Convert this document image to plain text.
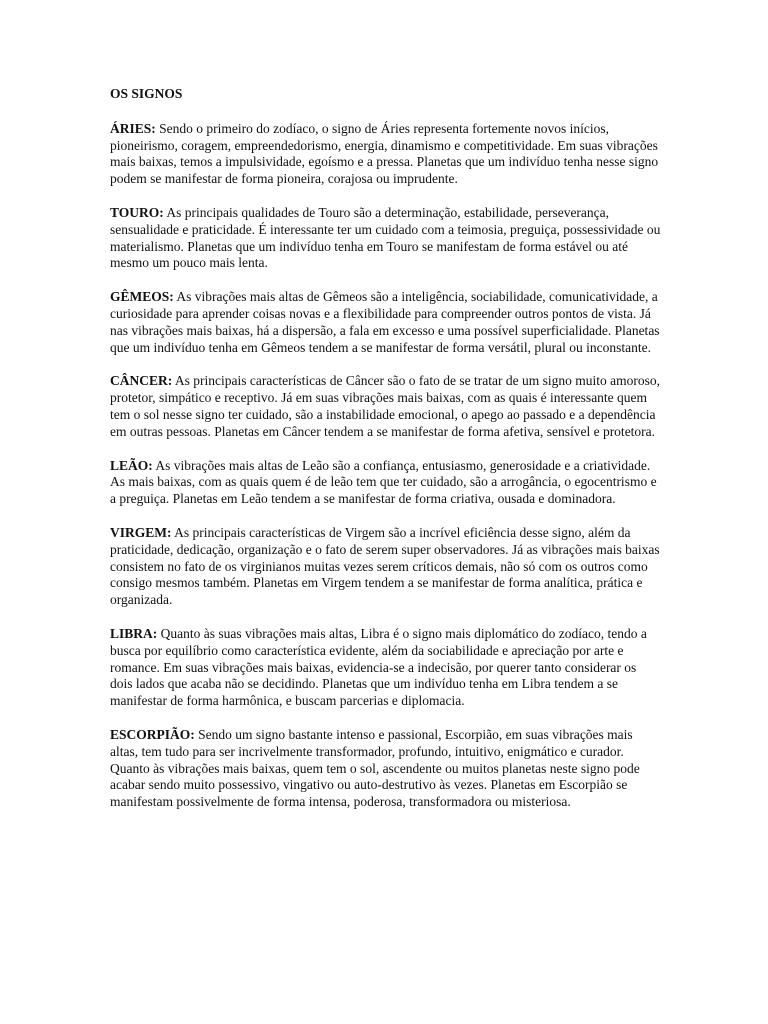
OS SIGNOS

ÁRIES: Sendo o primeiro do zodíaco, o signo de Áries representa fortemente novos inícios, pioneirismo, coragem, empreendedorismo, energia, dinamismo e competitividade. Em suas vibrações mais baixas, temos a impulsividade, egoísmo e a pressa. Planetas que um indivíduo tenha nesse signo podem se manifestar de forma pioneira, corajosa ou imprudente.

TOURO: As principais qualidades de Touro são a determinação, estabilidade, perseverança, sensualidade e praticidade. É interessante ter um cuidado com a teimosia, preguiça, possessividade ou materialismo. Planetas que um indivíduo tenha em Touro se manifestam de forma estável ou até mesmo um pouco mais lenta.

GÊMEOS: As vibrações mais altas de Gêmeos são a inteligência, sociabilidade, comunicatividade, a curiosidade para aprender coisas novas e a flexibilidade para compreender outros pontos de vista. Já nas vibrações mais baixas, há a dispersão, a fala em excesso e uma possível superficialidade. Planetas que um indivíduo tenha em Gêmeos tendem a se manifestar de forma versátil, plural ou inconstante.

CÂNCER: As principais características de Câncer são o fato de se tratar de um signo muito amoroso, protetor, simpático e receptivo. Já em suas vibrações mais baixas, com as quais é interessante quem tem o sol nesse signo ter cuidado, são a instabilidade emocional, o apego ao passado e a dependência em outras pessoas. Planetas em Câncer tendem a se manifestar de forma afetiva, sensível e protetora.

LEÃO: As vibrações mais altas de Leão são a confiança, entusiasmo, generosidade e a criatividade. As mais baixas, com as quais quem é de leão tem que ter cuidado, são a arrogância, o egocentrismo e a preguiça. Planetas em Leão tendem a se manifestar de forma criativa, ousada e dominadora.

VIRGEM: As principais características de Virgem são a incrível eficiência desse signo, além da praticidade, dedicação, organização e o fato de serem super observadores. Já as vibrações mais baixas consistem no fato de os virginianos muitas vezes serem críticos demais, não só com os outros como consigo mesmos também. Planetas em Virgem tendem a se manifestar de forma analítica, prática e organizada.

LIBRA: Quanto às suas vibrações mais altas, Libra é o signo mais diplomático do zodíaco, tendo a busca por equilíbrio como característica evidente, além da sociabilidade e apreciação por arte e romance. Em suas vibrações mais baixas, evidencia-se a indecisão, por querer tanto considerar os dois lados que acaba não se decidindo. Planetas que um indivíduo tenha em Libra tendem a se manifestar de forma harmônica, e buscam parcerias e diplomacia.

ESCORPIÃO: Sendo um signo bastante intenso e passional, Escorpião, em suas vibrações mais altas, tem tudo para ser incrivelmente transformador, profundo, intuitivo, enigmático e curador. Quanto às vibrações mais baixas, quem tem o sol, ascendente ou muitos planetas neste signo pode acabar sendo muito possessivo, vingativo ou auto-destrutivo às vezes. Planetas em Escorpião se manifestam possivelmente de forma intensa, poderosa, transformadora ou misteriosa.
